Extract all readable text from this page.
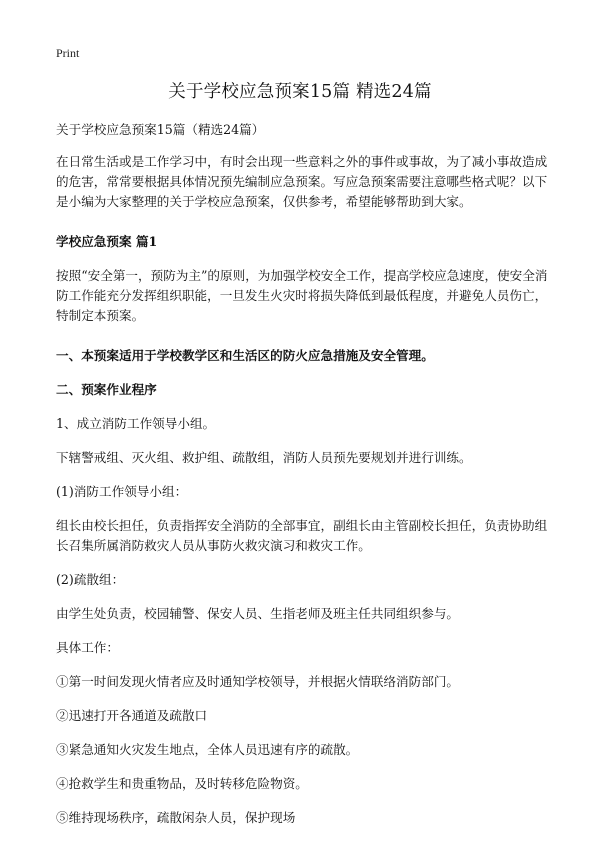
Print
关于学校应急预案15篇 精选24篇
关于学校应急预案15篇（精选24篇）
在日常生活或是工作学习中，有时会出现一些意料之外的事件或事故，为了减小事故造成的危害，常常要根据具体情况预先编制应急预案。写应急预案需要注意哪些格式呢？以下是小编为大家整理的关于学校应急预案，仅供参考，希望能够帮助到大家。
学校应急预案 篇1
按照“安全第一，预防为主”的原则，为加强学校安全工作，提高学校应急速度，使安全消防工作能充分发挥组织职能，一旦发生火灾时将损失降低到最低程度，并避免人员伤亡，特制定本预案。
一、本预案适用于学校教学区和生活区的防火应急措施及安全管理。
二、预案作业程序
1、成立消防工作领导小组。
下辖警戒组、灭火组、救护组、疏散组，消防人员预先要规划并进行训练。
(1)消防工作领导小组：
组长由校长担任，负责指挥安全消防的全部事宜，副组长由主管副校长担任，负责协助组长召集所属消防救灾人员从事防火救灾演习和救灾工作。
(2)疏散组：
由学生处负责，校园辅警、保安人员、生指老师及班主任共同组织参与。
具体工作：
①第一时间发现火情者应及时通知学校领导，并根据火情联络消防部门。
②迅速打开各通道及疏散口
③紧急通知火灾发生地点，全体人员迅速有序的疏散。
④抢救学生和贵重物品，及时转移危险物资。
⑤维持现场秩序，疏散闲杂人员，保护现场
